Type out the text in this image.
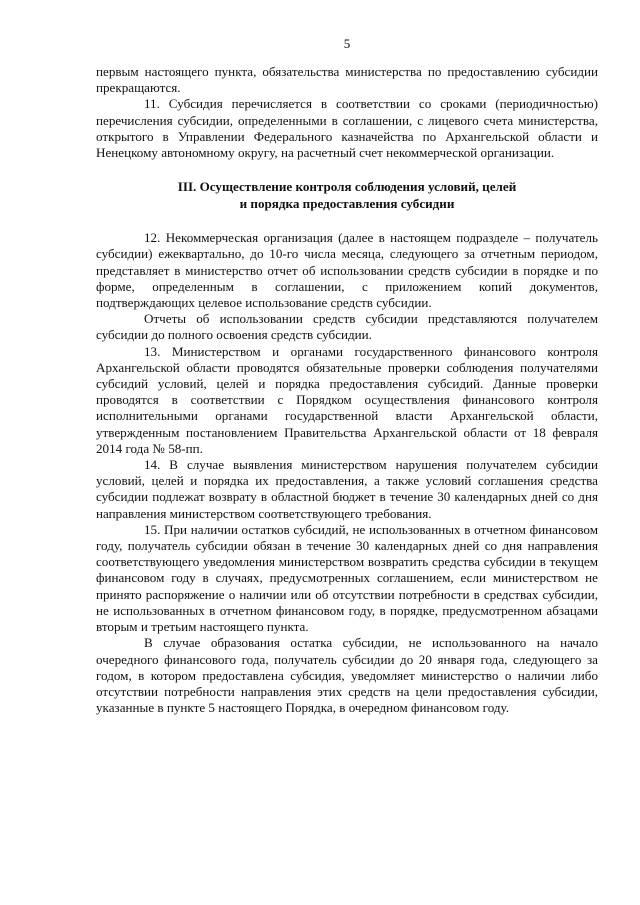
5

первым настоящего пункта, обязательства министерства по предоставлению субсидии прекращаются.

11. Субсидия перечисляется в соответствии со сроками (периодичностью) перечисления субсидии, определенными в соглашении, с лицевого счета министерства, открытого в Управлении Федерального казначейства по Архангельской области и Ненецкому автономному округу, на расчетный счет некоммерческой организации.

III. Осуществление контроля соблюдения условий, целей
и порядка предоставления субсидии

12. Некоммерческая организация (далее в настоящем подразделе – получатель субсидии) ежеквартально, до 10-го числа месяца, следующего за отчетным периодом, представляет в министерство отчет об использовании средств субсидии в порядке и по форме, определенным в соглашении, с приложением копий документов, подтверждающих целевое использование средств субсидии.

Отчеты об использовании средств субсидии представляются получателем субсидии до полного освоения средств субсидии.

13. Министерством и органами государственного финансового контроля Архангельской области проводятся обязательные проверки соблюдения получателями субсидий условий, целей и порядка предоставления субсидий. Данные проверки проводятся в соответствии с Порядком осуществления финансового контроля исполнительными органами государственной власти Архангельской области, утвержденным постановлением Правительства Архангельской области от 18 февраля 2014 года № 58-пп.

14. В случае выявления министерством нарушения получателем субсидии условий, целей и порядка их предоставления, а также условий соглашения средства субсидии подлежат возврату в областной бюджет в течение 30 календарных дней со дня направления министерством соответствующего требования.

15. При наличии остатков субсидий, не использованных в отчетном финансовом году, получатель субсидии обязан в течение 30 календарных дней со дня направления соответствующего уведомления министерством возвратить средства субсидии в текущем финансовом году в случаях, предусмотренных соглашением, если министерством не принято распоряжение о наличии или об отсутствии потребности в средствах субсидии, не использованных в отчетном финансовом году, в порядке, предусмотренном абзацами вторым и третьим настоящего пункта.

В случае образования остатка субсидии, не использованного на начало очередного финансового года, получатель субсидии до 20 января года, следующего за годом, в котором предоставлена субсидия, уведомляет министерство о наличии либо отсутствии потребности направления этих средств на цели предоставления субсидии, указанные в пункте 5 настоящего Порядка, в очередном финансовом году.
